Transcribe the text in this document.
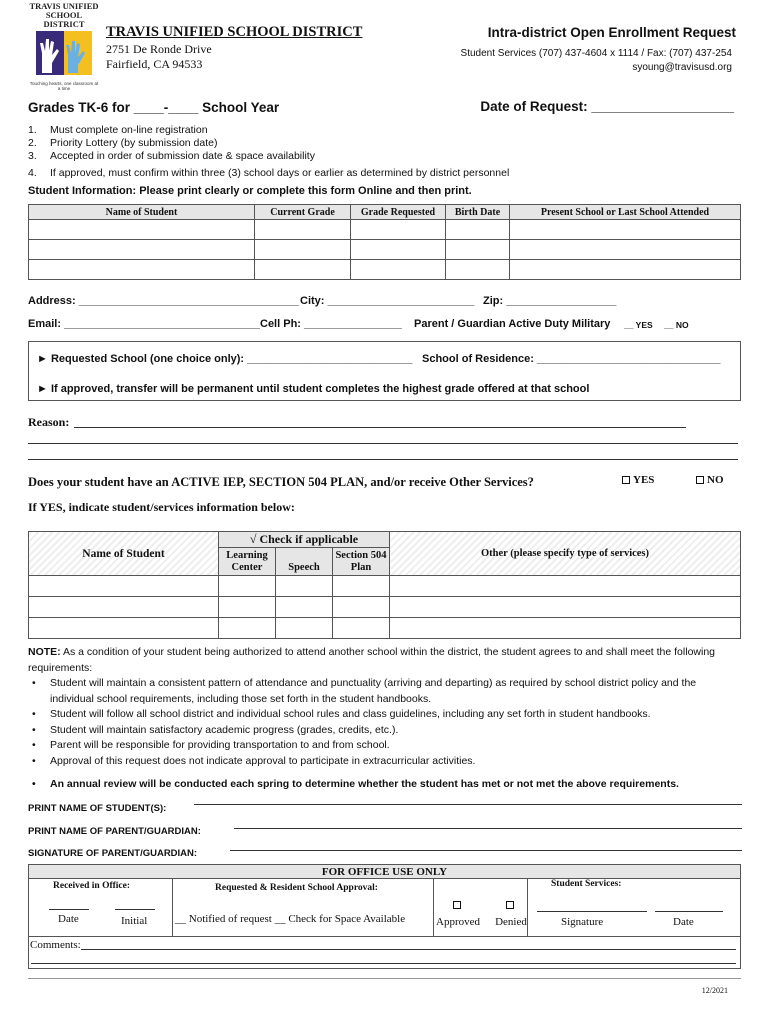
TRAVIS UNIFIED
SCHOOL DISTRICT
Touching hearts, one classroom at a time
TRAVIS UNIFIED SCHOOL DISTRICT
2751 De Ronde Drive
Fairfield, CA 94533
Intra-district Open Enrollment Request
Student Services (707) 437-4604 x 1114 / Fax: (707) 437-254
syoung@travisusd.org
Grades TK-6 for ____-____ School Year	Date of Request: ___________________
1. Must complete on-line registration
2. Priority Lottery (by submission date)
3. Accepted in order of submission date & space availability
4. If approved, must confirm within three (3) school days or earlier as determined by district personnel
Student Information: Please print clearly or complete this form Online and then print.
Name of Student	Current Grade	Grade Requested	Birth Date	Present School or Last School Attended

Address: ____________________________________ City: ________________________ Zip: __________________
Email: ________________________________ Cell Ph: ________________ Parent / Guardian Active Duty Military __ YES __ NO
► Requested School (one choice only): ___________________________ School of Residence: ______________________________
► If approved, transfer will be permanent until student completes the highest grade offered at that school
Reason:
Does your student have an ACTIVE IEP, SECTION 504 PLAN, and/or receive Other Services?	YES	NO
If YES, indicate student/services information below:
Name of Student	√ Check if applicable			Other (please specify type of services)
	Learning Center	Speech	Section 504 Plan	

NOTE: As a condition of your student being authorized to attend another school within the district, the student agrees to and shall meet the following requirements:
• Student will maintain a consistent pattern of attendance and punctuality (arriving and departing) as required by school district policy and the individual school requirements, including those set forth in the student handbooks.
• Student will follow all school district and individual school rules and class guidelines, including any set forth in student handbooks.
• Student will maintain satisfactory academic progress (grades, credits, etc.).
• Parent will be responsible for providing transportation to and from school.
• Approval of this request does not indicate approval to participate in extracurricular activities.
• An annual review will be conducted each spring to determine whether the student has met or not met the above requirements.
PRINT NAME OF STUDENT(S):
PRINT NAME OF PARENT/GUARDIAN:
SIGNATURE OF PARENT/GUARDIAN:
FOR OFFICE USE ONLY
Received in Office:	Requested & Resident School Approval:	Student Services:
Date	Initial	__ Notified of request __ Check for Space Available	Approved	Denied	Signature	Date
Comments:
12/2021
